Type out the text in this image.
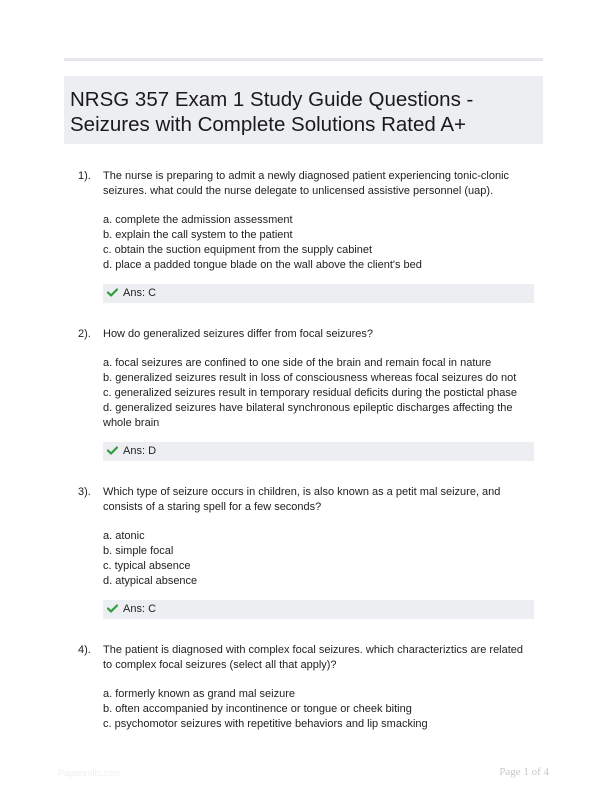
NRSG 357 Exam 1 Study Guide Questions -
Seizures with Complete Solutions Rated A+
1). The nurse is preparing to admit a newly diagnosed patient experiencing tonic-clonic seizures. what could the nurse delegate to unlicensed assistive personnel (uap).
a. complete the admission assessment
b. explain the call system to the patient
c. obtain the suction equipment from the supply cabinet
d. place a padded tongue blade on the wall above the client's bed
Ans: C
2). How do generalized seizures differ from focal seizures?
a. focal seizures are confined to one side of the brain and remain focal in nature
b. generalized seizures result in loss of consciousness whereas focal seizures do not
c. generalized seizures result in temporary residual deficits during the postictal phase
d. generalized seizures have bilateral synchronous epileptic discharges affecting the whole brain
Ans: D
3). Which type of seizure occurs in children, is also known as a petit mal seizure, and consists of a staring spell for a few seconds?
a. atonic
b. simple focal
c. typical absence
d. atypical absence
Ans: C
4). The patient is diagnosed with complex focal seizures. which characteriztics are related to complex focal seizures (select all that apply)?
a. formerly known as grand mal seizure
b. often accompanied by incontinence or tongue or cheek biting
c. psychomotor seizures with repetitive behaviors and lip smacking
Papertrolic.com	Page 1 of 4
